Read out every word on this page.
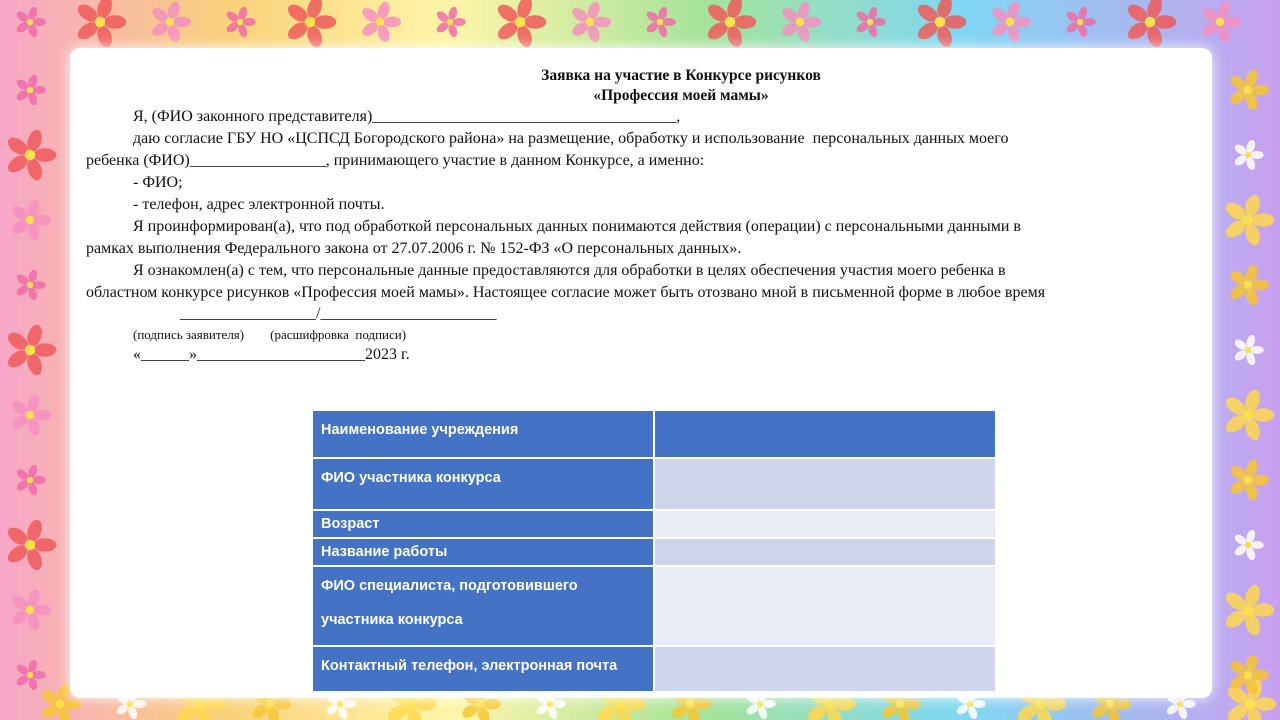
Заявка на участие в Конкурсе рисунков
«Профессия моей мамы»

Я, (ФИО законного представителя)______________________________________,

даю согласие ГБУ НО «ЦСПСД Богородского района» на размещение, обработку и использование  персональных данных моего

ребенка (ФИО)_________________, принимающего участие в данном Конкурсе, а именно:

- ФИО;

- телефон, адрес электронной почты.

Я проинформирован(а), что под обработкой персональных данных понимаются действия (операции) с персональными данными в

рамках выполнения Федерального закона от 27.07.2006 г. № 152-ФЗ «О персональных данных».

Я ознакомлен(а) с тем, что персональные данные предоставляются для обработки в целях обеспечения участия моего ребенка в

областном конкурсе рисунков «Профессия моей мамы». Настоящее согласие может быть отозвано мной в письменной форме в любое время

_________________/______________________
(подпись заявителя)        (расшифровка  подписи)

«______»_____________________2023 г.

Наименование учреждения	
ФИО участника конкурса	
Возраст	
Название работы	
ФИО специалиста, подготовившего участника конкурса	
Контактный телефон, электронная почта	
